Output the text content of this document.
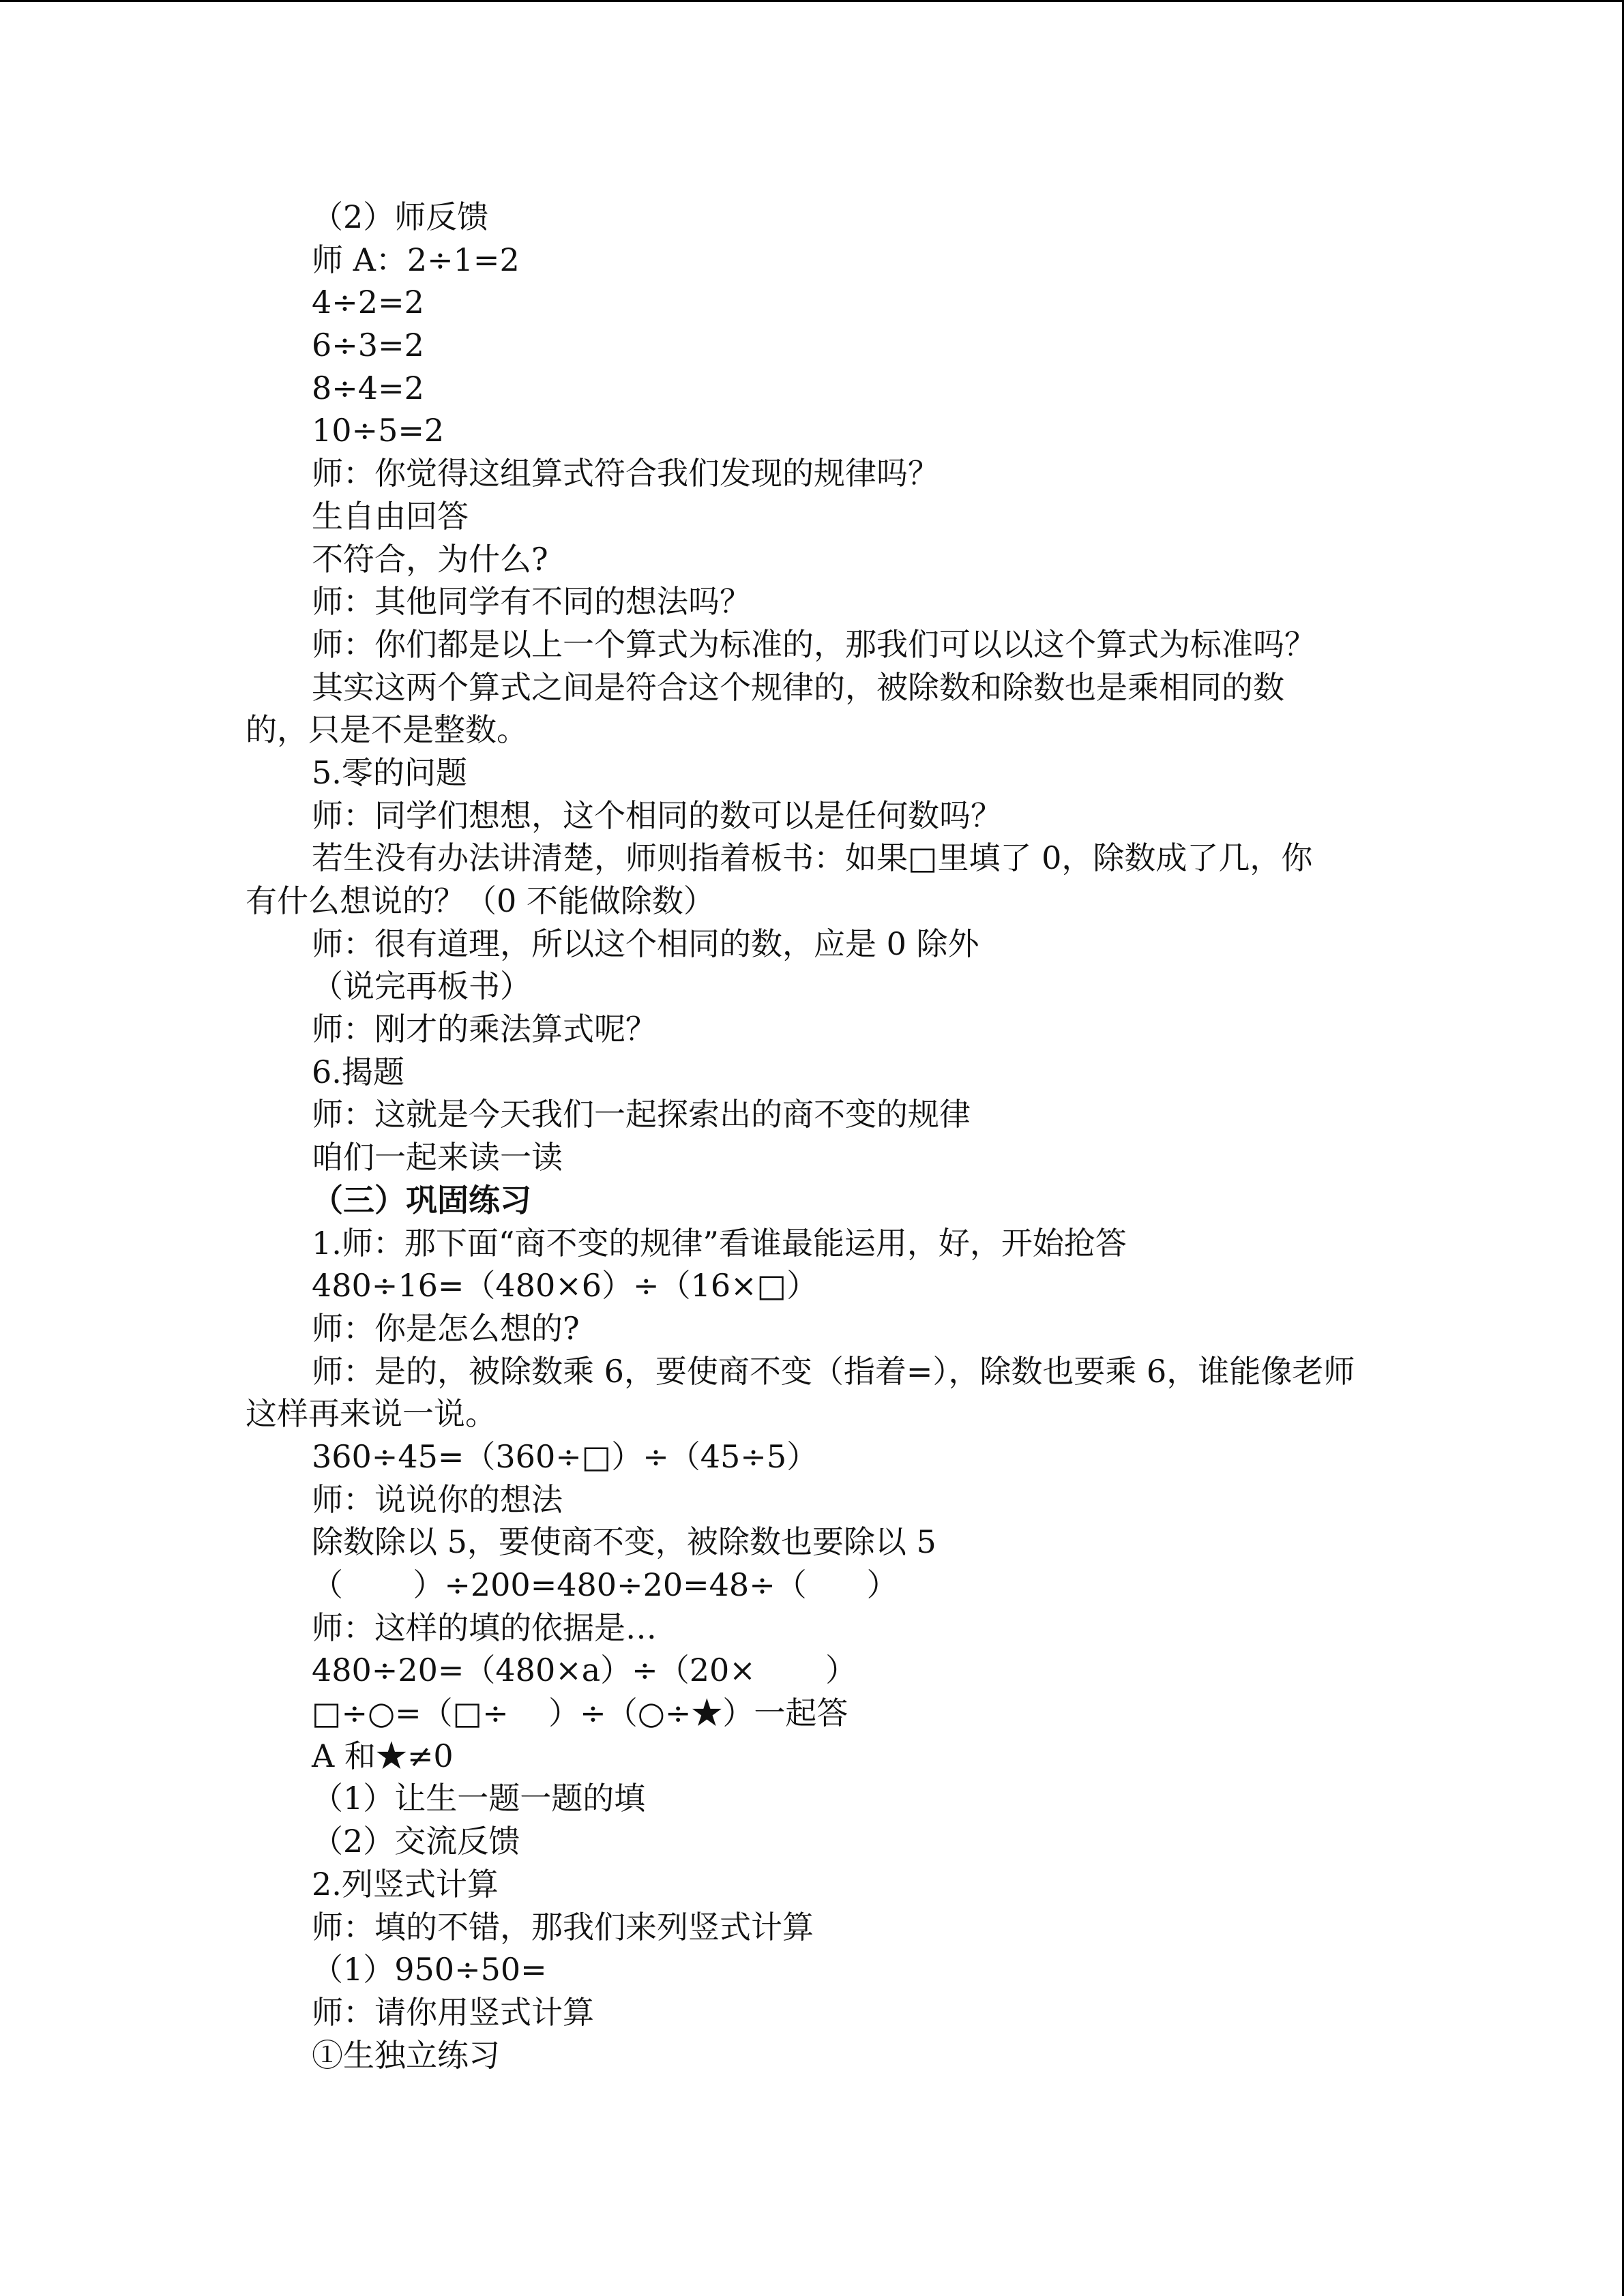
（2）师反馈
师 A：2÷1=2
4÷2=2
6÷3=2
8÷4=2
10÷5=2
师：你觉得这组算式符合我们发现的规律吗？
生自由回答
不符合，为什么?
师：其他同学有不同的想法吗？
师：你们都是以上一个算式为标准的，那我们可以以这个算式为标准吗？
其实这两个算式之间是符合这个规律的，被除数和除数也是乘相同的数
的，只是不是整数。
5.零的问题
师：同学们想想，这个相同的数可以是任何数吗？
若生没有办法讲清楚，师则指着板书：如果□里填了 0，除数成了几，你
有什么想说的？（0 不能做除数）
师：很有道理，所以这个相同的数，应是 0 除外
（说完再板书）
师：刚才的乘法算式呢？
6.揭题
师：这就是今天我们一起探索出的商不变的规律
咱们一起来读一读
（三）巩固练习
1.师：那下面“商不变的规律”看谁最能运用，好，开始抢答
480÷16=（480×6）÷（16×□）
师：你是怎么想的?
师：是的，被除数乘 6，要使商不变（指着=），除数也要乘 6，谁能像老师
这样再来说一说。
360÷45=（360÷□）÷（45÷5）
师：说说你的想法
除数除以 5，要使商不变，被除数也要除以 5
（       ）÷200=480÷20=48÷（      ）
师：这样的填的依据是…
480÷20=（480×a）÷（20×       ）
□÷○=（□÷    ）÷（○÷★）一起答
A 和★≠0
（1）让生一题一题的填
（2）交流反馈
2.列竖式计算
师：填的不错，那我们来列竖式计算
（1）950÷50=
师：请你用竖式计算
①生独立练习
